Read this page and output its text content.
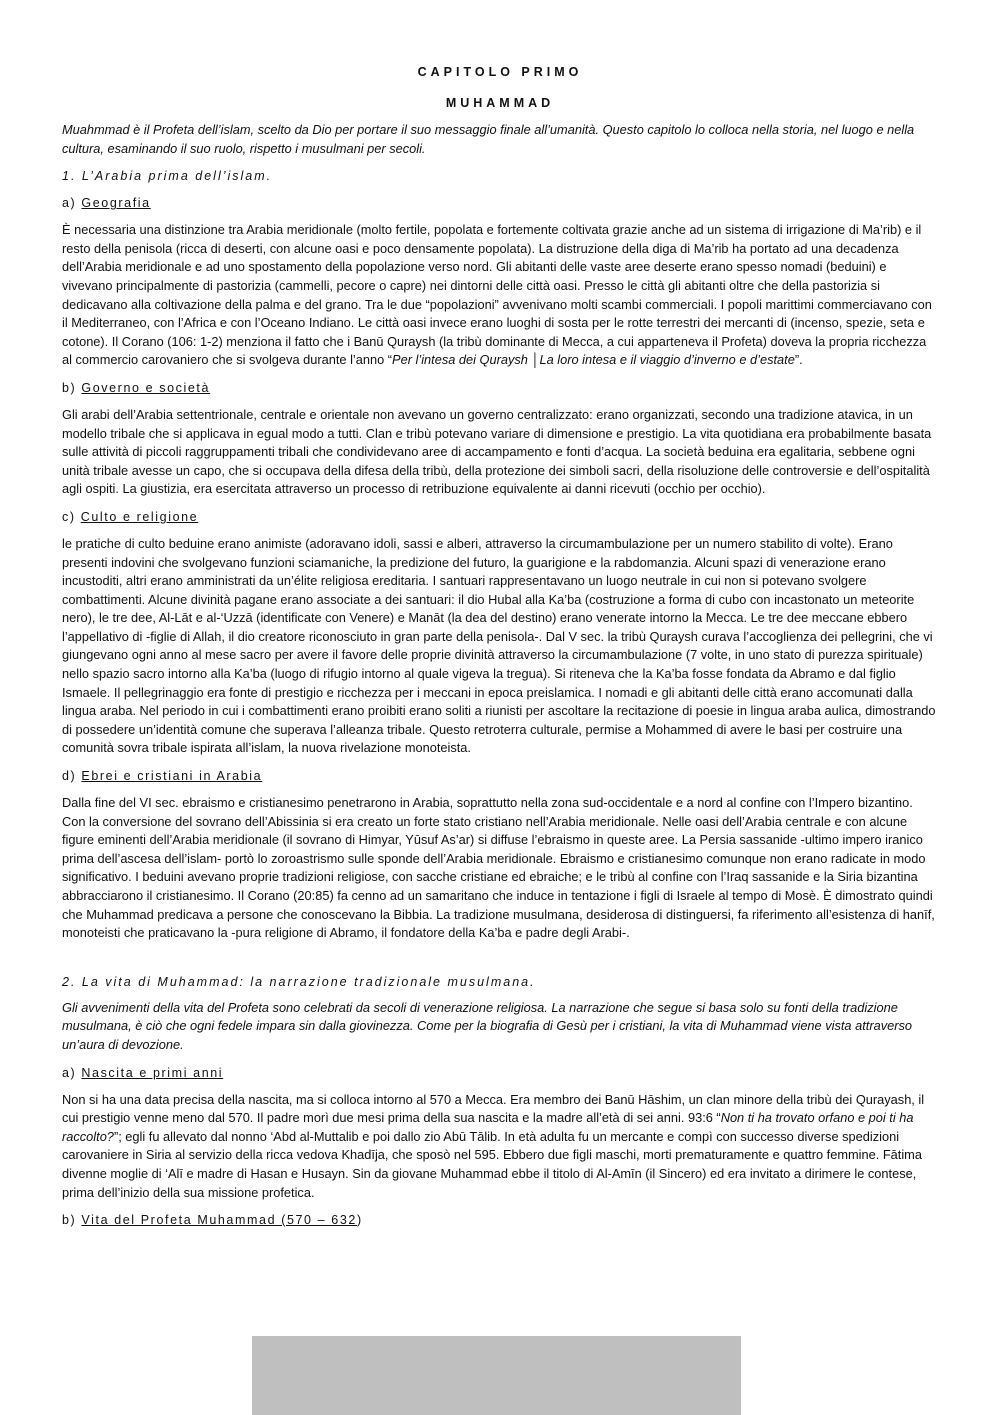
CAPITOLO PRIMO

MUHAMMAD

Muahmmad è il Profeta dell’islam, scelto da Dio per portare il suo messaggio finale all’umanità. Questo capitolo lo colloca nella storia, nel luogo e nella cultura, esaminando il suo ruolo, rispetto i musulmani per secoli.

1. L’Arabia prima dell’islam.

a) Geografia

È necessaria una distinzione tra Arabia meridionale (molto fertile, popolata e fortemente coltivata grazie anche ad un sistema di irrigazione di Ma’rib) e il resto della penisola (ricca di deserti, con alcune oasi e poco densamente popolata). La distruzione della diga di Ma’rib ha portato ad una decadenza dell’Arabia meridionale e ad uno spostamento della popolazione verso nord. Gli abitanti delle vaste aree deserte erano spesso nomadi (beduini) e vivevano principalmente di pastorizia (cammelli, pecore o capre) nei dintorni delle città oasi. Presso le città gli abitanti oltre che della pastorizia si dedicavano alla coltivazione della palma e del grano. Tra le due “popolazioni” avvenivano molti scambi commerciali. I popoli marittimi commerciavano con il Mediterraneo, con l’Africa e con l’Oceano Indiano. Le città oasi invece erano luoghi di sosta per le rotte terrestri dei mercanti di (incenso, spezie, seta e cotone). Il Corano (106: 1-2) menziona il fatto che i Banū Quraysh (la tribù dominante di Mecca, a cui apparteneva il Profeta) doveva la propria ricchezza al commercio carovaniero che si svolgeva durante l’anno “Per l’intesa dei Quraysh │La loro intesa e il viaggio d’inverno e d’estate”.

b) Governo e società

Gli arabi dell’Arabia settentrionale, centrale e orientale non avevano un governo centralizzato: erano organizzati, secondo una tradizione atavica, in un modello tribale che si applicava in egual modo a tutti. Clan e tribù potevano variare di dimensione e prestigio. La vita quotidiana era probabilmente basata sulle attività di piccoli raggruppamenti tribali che condividevano aree di accampamento e fonti d’acqua. La società beduina era egalitaria, sebbene ogni unità tribale avesse un capo, che si occupava della difesa della tribù, della protezione dei simboli sacri, della risoluzione delle controversie e dell’ospitalità agli ospiti. La giustizia, era esercitata attraverso un processo di retribuzione equivalente ai danni ricevuti (occhio per occhio).

c) Culto e religione

le pratiche di culto beduine erano animiste (adoravano idoli, sassi e alberi, attraverso la circumambulazione per un numero stabilito di volte). Erano presenti indovini che svolgevano funzioni sciamaniche, la predizione del futuro, la guarigione e la rabdomanzia. Alcuni spazi di venerazione erano incustoditi, altri erano amministrati da un’élite religiosa ereditaria. I santuari rappresentavano un luogo neutrale in cui non si potevano svolgere combattimenti. Alcune divinità pagane erano associate a dei santuari: il dio Hubal alla Ka’ba (costruzione a forma di cubo con incastonato un meteorite nero), le tre dee, Al-Lāt e al-‘Uzzā (identificate con Venere) e Manāt (la dea del destino) erano venerate intorno la Mecca. Le tre dee meccane ebbero l’appellativo di -figlie di Allah, il dio creatore riconosciuto in gran parte della penisola-. Dal V sec. la tribù Quraysh curava l’accoglienza dei pellegrini, che vi giungevano ogni anno al mese sacro per avere il favore delle proprie divinità attraverso la circumambulazione (7 volte, in uno stato di purezza spirituale) nello spazio sacro intorno alla Ka’ba (luogo di rifugio intorno al quale vigeva la tregua). Si riteneva che la Ka’ba fosse fondata da Abramo e dal figlio Ismaele. Il pellegrinaggio era fonte di prestigio e ricchezza per i meccani in epoca preislamica. I nomadi e gli abitanti delle città erano accomunati dalla lingua araba. Nel periodo in cui i combattimenti erano proibiti erano soliti a riunisti per ascoltare la recitazione di poesie in lingua araba aulica, dimostrando di possedere un’identità comune che superava l’alleanza tribale. Questo retroterra culturale, permise a Mohammed di avere le basi per costruire una comunità sovra tribale ispirata all’islam, la nuova rivelazione monoteista.

d) Ebrei e cristiani in Arabia

Dalla fine del VI sec. ebraismo e cristianesimo penetrarono in Arabia, soprattutto nella zona sud-occidentale e a nord al confine con l’Impero bizantino. Con la conversione del sovrano dell’Abissinia si era creato un forte stato cristiano nell’Arabia meridionale. Nelle oasi dell’Arabia centrale e con alcune figure eminenti dell’Arabia meridionale (il sovrano di Himyar, Yūsuf As’ar) si diffuse l’ebraismo in queste aree. La Persia sassanide -ultimo impero iranico prima dell’ascesa dell’islam- portò lo zoroastrismo sulle sponde dell’Arabia meridionale. Ebraismo e cristianesimo comunque non erano radicate in modo significativo. I beduini avevano proprie tradizioni religiose, con sacche cristiane ed ebraiche; e le tribù al confine con l’Iraq sassanide e la Siria bizantina abbracciarono il cristianesimo. Il Corano (20:85) fa cenno ad un samaritano che induce in tentazione i figli di Israele al tempo di Mosè. È dimostrato quindi che Muhammad predicava a persone che conoscevano la Bibbia. La tradizione musulmana, desiderosa di distinguersi, fa riferimento all’esistenza di hanīf, monoteisti che praticavano la -pura religione di Abramo, il fondatore della Ka’ba e padre degli Arabi-.

2. La vita di Muhammad: la narrazione tradizionale musulmana.

Gli avvenimenti della vita del Profeta sono celebrati da secoli di venerazione religiosa. La narrazione che segue si basa solo su fonti della tradizione musulmana, è ciò che ogni fedele impara sin dalla giovinezza. Come per la biografia di Gesù per i cristiani, la vita di Muhammad viene vista attraverso un’aura di devozione.

a) Nascita e primi anni

Non si ha una data precisa della nascita, ma si colloca intorno al 570 a Mecca. Era membro dei Banū Hāshim, un clan minore della tribù dei Qurayash, il cui prestigio venne meno dal 570. Il padre morì due mesi prima della sua nascita e la madre all’età di sei anni. 93:6 “Non ti ha trovato orfano e poi ti ha raccolto?”; egli fu allevato dal nonno ‘Abd al-Muttalib e poi dallo zio Abū Tālib. In età adulta fu un mercante e compì con successo diverse spedizioni carovaniere in Siria al servizio della ricca vedova Khadīja, che sposò nel 595. Ebbero due figli maschi, morti prematuramente e quattro femmine. Fātima divenne moglie di ‘Alī e madre di Hasan e Husayn. Sin da giovane Muhammad ebbe il titolo di Al-Amīn (il Sincero) ed era invitato a dirimere le contese, prima dell’inizio della sua missione profetica.

b) Vita del Profeta Muhammad (570 – 632)
